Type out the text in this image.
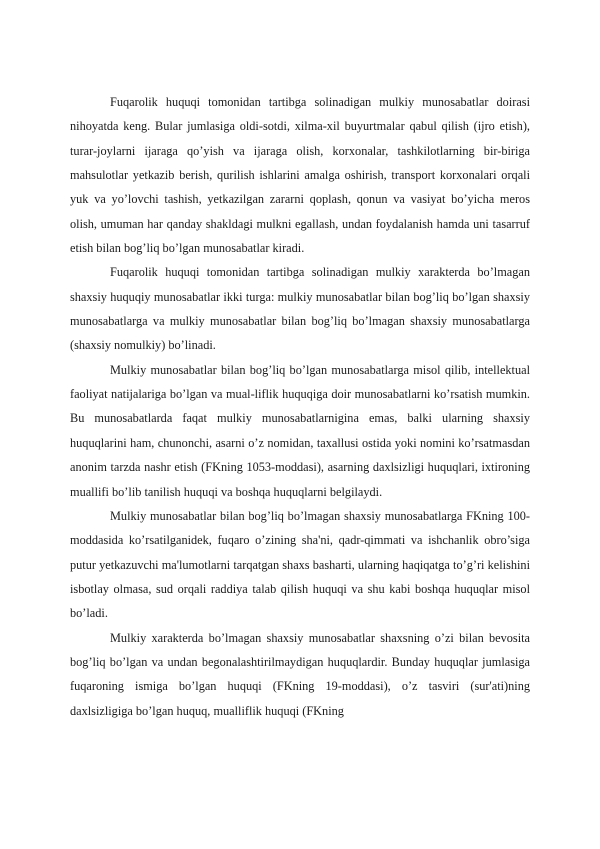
Fuqarolik huquqi tomonidan tartibga solinadigan mulkiy munosabatlar doirasi nihoyatda keng. Bular jumlasiga oldi-sotdi, xilma-xil buyurtmalar qabul qilish (ijro etish), turar-joylarni ijaraga qo’yish va ijaraga olish, korxonalar, tashkilotlarning bir-biriga mahsulotlar yetkazib berish, qurilish ishlarini amalga oshirish, transport korxonalari orqali yuk va yo’lovchi tashish, yetkazilgan zararni qoplash, qonun va vasiyat bo’yicha meros olish, umuman har qanday shakldagi mulkni egallash, undan foydalanish hamda uni tasarruf etish bilan bog’liq bo’lgan munosabatlar kiradi.

Fuqarolik huquqi tomonidan tartibga solinadigan mulkiy xarakterda bo’lmagan shaxsiy huquqiy munosabatlar ikki turga: mulkiy munosabatlar bilan bog’liq bo’lgan shaxsiy munosabatlarga va mulkiy munosabatlar bilan bog’liq bo’lmagan shaxsiy munosabatlarga (shaxsiy nomulkiy) bo’linadi.

Mulkiy munosabatlar bilan bog’liq bo’lgan munosabatlarga misol qilib, intellektual faoliyat natijalariga bo’lgan va mual-liflik huquqiga doir munosabatlarni ko’rsatish mumkin. Bu munosabatlarda faqat mulkiy munosabatlarnigina emas, balki ularning shaxsiy huquqlarini ham, chunonchi, asarni o’z nomidan, taxallusi ostida yoki nomini ko’rsatmasdan anonim tarzda nashr etish (FKning 1053-moddasi), asarning daxlsizligi huquqlari, ixtironing muallifi bo’lib tanilish huquqi va boshqa huquqlarni belgilaydi.

Mulkiy munosabatlar bilan bog’liq bo’lmagan shaxsiy munosabatlarga FKning 100-moddasida ko’rsatilganidek, fuqaro o’zining sha'ni, qadr-qimmati va ishchanlik obro’siga putur yetkazuvchi ma'lumotlarni tarqatgan shaxs basharti, ularning haqiqatga to’g’ri kelishini isbotlay olmasa, sud orqali raddiya talab qilish huquqi va shu kabi boshqa huquqlar misol bo’ladi.

Mulkiy xarakterda bo’lmagan shaxsiy munosabatlar shaxsning o’zi bilan bevosita bog’liq bo’lgan va undan begonalashtirilmaydigan huquqlardir. Bunday huquqlar jumlasiga fuqaroning ismiga bo’lgan huquqi (FKning 19-moddasi), o’z tasviri (sur'ati)ning daxlsizligiga bo’lgan huquq, mualliflik huquqi (FKning
